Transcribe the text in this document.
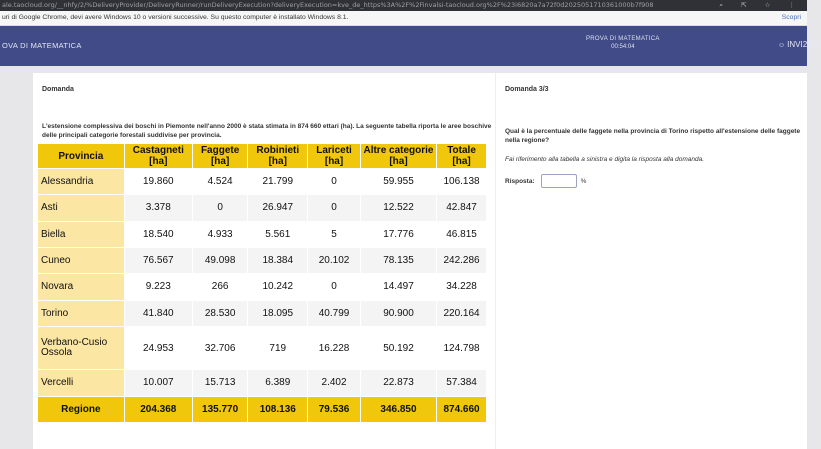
ale.taocloud.org/__nhfy/2/%DeliveryProvider/DeliveryRunner/runDeliveryExecution?deliveryExecution=kve_de_https%3A%2F%2Finvalsi-taocloud.org%2F%23i6820a7a72f0d2025051710361000b7f908	⌕ ⇱ ☆ ⋮
uri di Google Chrome, devi avere Windows 10 o versioni successive. Su questo computer è installato Windows 8.1.	Scopri
OVA DI MATEMATICA
PROVA DI MATEMATICA
00:54:04	☺ INVI2510
Domanda
L'estensione complessiva dei boschi in Piemonte nell'anno 2000 è stata stimata in 874 660 ettari (ha). La seguente tabella riporta le aree boschive delle principali categorie forestali suddivise per provincia.
Provincia	Castagneti [ha]	Faggete [ha]	Robinieti [ha]	Lariceti [ha]	Altre categorie [ha]	Totale [ha]
Alessandria	19.860	4.524	21.799	0	59.955	106.138
Asti	3.378	0	26.947	0	12.522	42.847
Biella	18.540	4.933	5.561	5	17.776	46.815
Cuneo	76.567	49.098	18.384	20.102	78.135	242.286
Novara	9.223	266	10.242	0	14.497	34.228
Torino	41.840	28.530	18.095	40.799	90.900	220.164
Verbano-Cusio Ossola	24.953	32.706	719	16.228	50.192	124.798
Vercelli	10.007	15.713	6.389	2.402	22.873	57.384
Regione	204.368	135.770	108.136	79.536	346.850	874.660
Domanda 3/3
Qual è la percentuale delle faggete nella provincia di Torino rispetto all'estensione delle faggete nella regione?
Fai riferimento alla tabella a sinistra e digita la risposta alla domanda.
Risposta:	%
